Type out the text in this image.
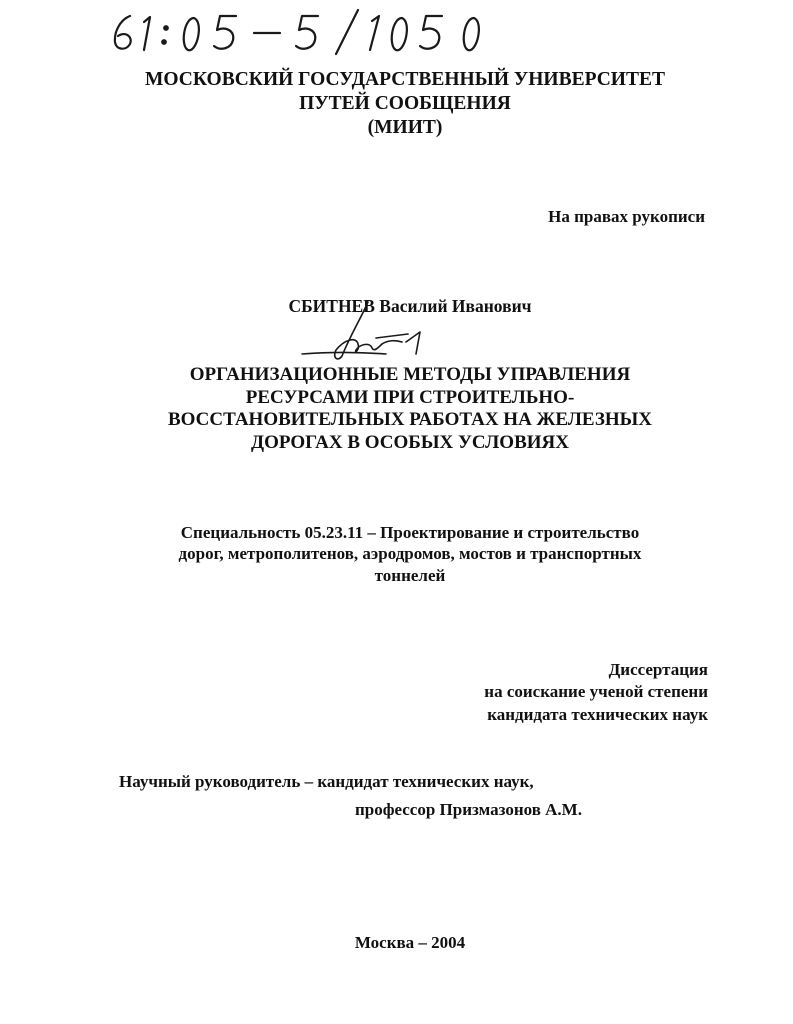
МОСКОВСКИЙ ГОСУДАРСТВЕННЫЙ УНИВЕРСИТЕТ
ПУТЕЙ СООБЩЕНИЯ
(МИИТ)
На правах рукописи
СБИТНЕВ Василий Иванович
ОРГАНИЗАЦИОННЫЕ МЕТОДЫ УПРАВЛЕНИЯ
РЕСУРСАМИ ПРИ СТРОИТЕЛЬНО-
ВОССТАНОВИТЕЛЬНЫХ РАБОТАХ НА ЖЕЛЕЗНЫХ
ДОРОГАХ В ОСОБЫХ УСЛОВИЯХ
Специальность 05.23.11 – Проектирование и строительство
дорог, метрополитенов, аэродромов, мостов и транспортных
тоннелей
Диссертация
на соискание ученой степени
кандидата технических наук
Научный руководитель – кандидат технических наук,
профессор Призмазонов А.М.
Москва – 2004
